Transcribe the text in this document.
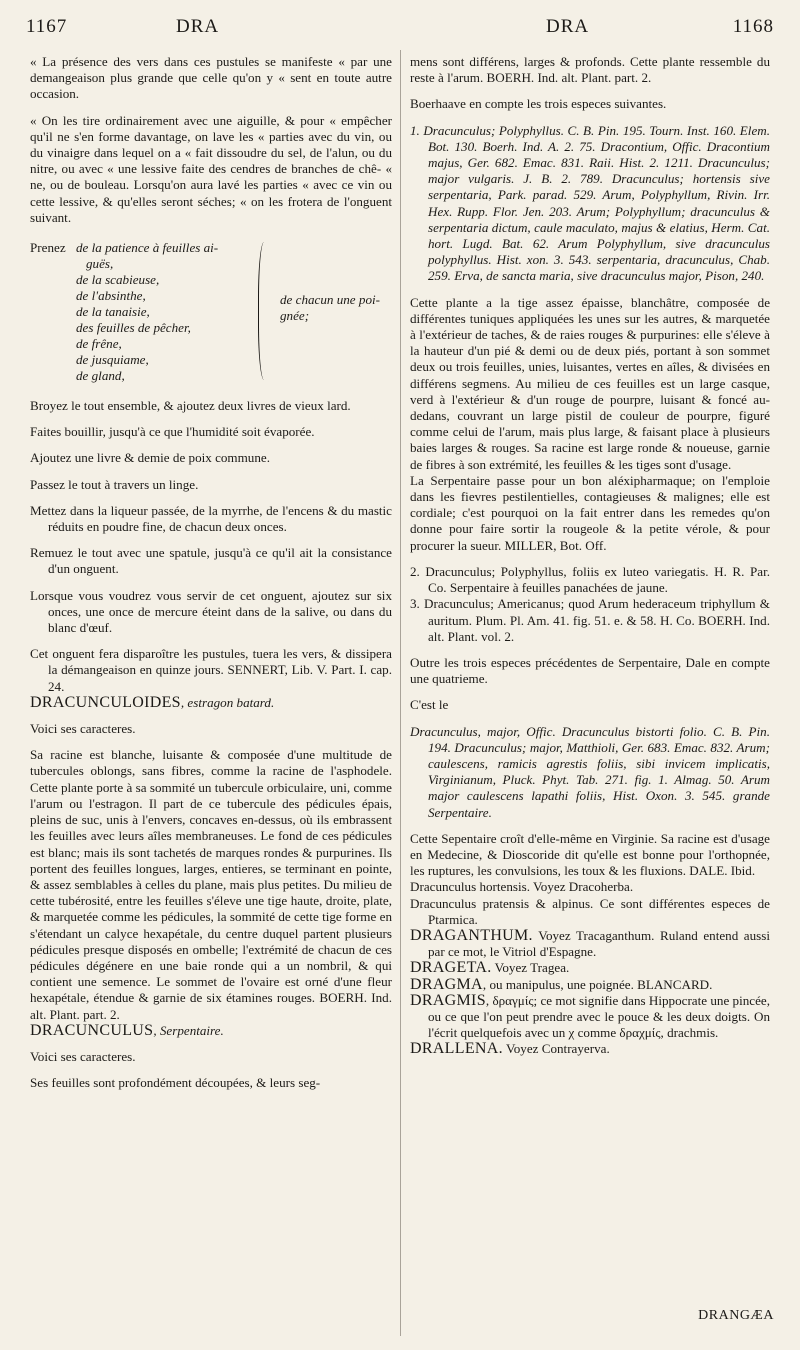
1167	DRA	DRA	1168

« La présence des vers dans ces pustules se manifeste « par une demangeaison plus grande que celle qu'on y « sent en toute autre occasion.

« On les tire ordinairement avec une aiguille, & pour « empêcher qu'il ne s'en forme davantage, on lave les « parties avec du vin, ou du vinaigre dans lequel on a « fait dissoudre du sel, de l'alun, ou du nitre, ou avec « une lessive faite des cendres de branches de chê- « ne, ou de bouleau. Lorsqu'on aura lavé les parties « avec ce vin ou cette lessive, & qu'elles seront séches; « on les frotera de l'onguent suivant.

Prenez de la patience à feuilles ai-
guës,
de la scabieuse,
de l'absinthe,
de la tanaisie,
des feuilles de pêcher,
de frêne,
de jusquiame,
de gland,
de chacun une poi- gnée;

Broyez le tout ensemble, & ajoutez deux livres de vieux lard.

Faites bouillir, jusqu'à ce que l'humidité soit évaporée.

Ajoutez une livre & demie de poix commune.

Passez le tout à travers un linge.

Mettez dans la liqueur passée, de la myrrhe, de l'encens & du mastic réduits en poudre fine, de chacun deux onces.

Remuez le tout avec une spatule, jusqu'à ce qu'il ait la consistance d'un onguent.

Lorsque vous voudrez vous servir de cet onguent, ajoutez sur six onces, une once de mercure éteint dans de la salive, ou dans du blanc d'œuf.

Cet onguent fera disparoître les pustules, tuera les vers, & dissipera la démangeaison en quinze jours. SENNERT, Lib. V. Part. I. cap. 24.

DRACUNCULOIDES, estragon batard.

Voici ses caracteres.

Sa racine est blanche, luisante & composée d'une multitude de tubercules oblongs, sans fibres, comme la racine de l'asphodele. Cette plante porte à sa sommité un tubercule orbiculaire, uni, comme l'arum ou l'estragon. Il part de ce tubercule des pédicules épais, pleins de suc, unis à l'envers, concaves en-dessus, où ils embrassent les feuilles avec leurs aîles membraneuses. Le fond de ces pédicules est blanc; mais ils sont tachetés de marques rondes & purpurines. Ils portent des feuilles longues, larges, entieres, se terminant en pointe, & assez semblables à celles du plane, mais plus petites. Du milieu de cette tubérosité, entre les feuilles s'éleve une tige haute, droite, plate, & marquetée comme les pédicules, la sommité de cette tige forme en s'étendant un calyce hexapétale, du centre duquel partent plusieurs pédicules presque disposés en ombelle; l'extrémité de chacun de ces pédicules dégénere en une baie ronde qui a un nombril, & qui contient une semence. Le sommet de l'ovaire est orné d'une fleur hexapétale, étendue & garnie de six étamines rouges. BOERH. Ind. alt. Plant. part. 2.

DRACUNCULUS, Serpentaire.

Voici ses caracteres.

Ses feuilles sont profondément découpées, & leurs seg-

mens sont différens, larges & profonds. Cette plante ressemble du reste à l'arum. BOERH. Ind. alt. Plant. part. 2.

Boerhaave en compte les trois especes suivantes.

1. Dracunculus; Polyphyllus. C. B. Pin. 195. Tourn. Inst. 160. Elem. Bot. 130. Boerh. Ind. A. 2. 75. Dracontium, Offic. Dracontium majus, Ger. 682. Emac. 831. Raii. Hist. 2. 1211. Dracunculus; major vulgaris. J. B. 2. 789. Dracunculus; hortensis sive serpentaria, Park. parad. 529. Arum, Polyphyllum, Rivin. Irr. Hex. Rupp. Flor. Jen. 203. Arum; Polyphyllum; dracunculus & serpentaria dictum, caule maculato, majus & elatius, Herm. Cat. hort. Lugd. Bat. 62. Arum Polyphyllum, sive dracunculus polyphyllus. Hist. xon. 3. 543. serpentaria, dracunculus, Chab. 259. Erva, de sancta maria, sive dracunculus major, Pison, 240.

Cette plante a la tige assez épaisse, blanchâtre, composée de différentes tuniques appliquées les unes sur les autres, & marquetée à l'extérieur de taches, & de raies rouges & purpurines: elle s'éleve à la hauteur d'un pié & demi ou de deux piés, portant à son sommet deux ou trois feuilles, unies, luisantes, vertes en aîles, & divisées en différens segmens. Au milieu de ces feuilles est un large casque, verd à l'extérieur & d'un rouge de pourpre, luisant & foncé au-dedans, couvrant un large pistil de couleur de pourpre, figuré comme celui de l'arum, mais plus large, & faisant place à plusieurs baies larges & rouges. Sa racine est large ronde & noueuse, garnie de fibres à son extrémité, les feuilles & les tiges sont d'usage.

La Serpentaire passe pour un bon aléxipharmaque; on l'emploie dans les fievres pestilentielles, contagieuses & malignes; elle est cordiale; c'est pourquoi on la fait entrer dans les remedes qu'on donne pour faire sortir la rougeole & la petite vérole, & pour procurer la sueur. MILLER, Bot. Off.

2. Dracunculus; Polyphyllus, foliis ex luteo variegatis. H. R. Par. Co. Serpentaire à feuilles panachées de jaune.

3. Dracunculus; Americanus; quod Arum hederaceum triphyllum & auritum. Plum. Pl. Am. 41. fig. 51. e. & 58. H. Co. BOERH. Ind. alt. Plant. vol. 2.

Outre les trois especes précédentes de Serpentaire, Dale en compte une quatrieme.

C'est le

Dracunculus, major, Offic. Dracunculus bistorti folio. C. B. Pin. 194. Dracunculus; major, Matthioli, Ger. 683. Emac. 832. Arum; caulescens, ramicis agrestis foliis, sibi invicem implicatis, Virginianum, Pluck. Phyt. Tab. 271. fig. 1. Almag. 50. Arum major caulescens lapathi foliis, Hist. Oxon. 3. 545. grande Serpentaire.

Cette Sepentaire croît d'elle-même en Virginie. Sa racine est d'usage en Medecine, & Dioscoride dit qu'elle est bonne pour l'orthopnée, les ruptures, les convulsions, les toux & les fluxions. DALE. Ibid.

Dracunculus hortensis. Voyez Dracoherba.

Dracunculus pratensis & alpinus. Ce sont différentes especes de Ptarmica.

DRAGANTHUM. Voyez Tracaganthum. Ruland entend aussi par ce mot, le Vitriol d'Espagne.

DRAGETA. Voyez Tragea.

DRAGMA, ou manipulus, une poignée. BLANCARD.

DRAGMIS, δραγμίς; ce mot signifie dans Hippocrate une pincée, ou ce que l'on peut prendre avec le pouce & les deux doigts. On l'écrit quelquefois avec un χ comme δραχμίς, drachmis.

DRALLENA. Voyez Contrayerva.

DRANGÆA
